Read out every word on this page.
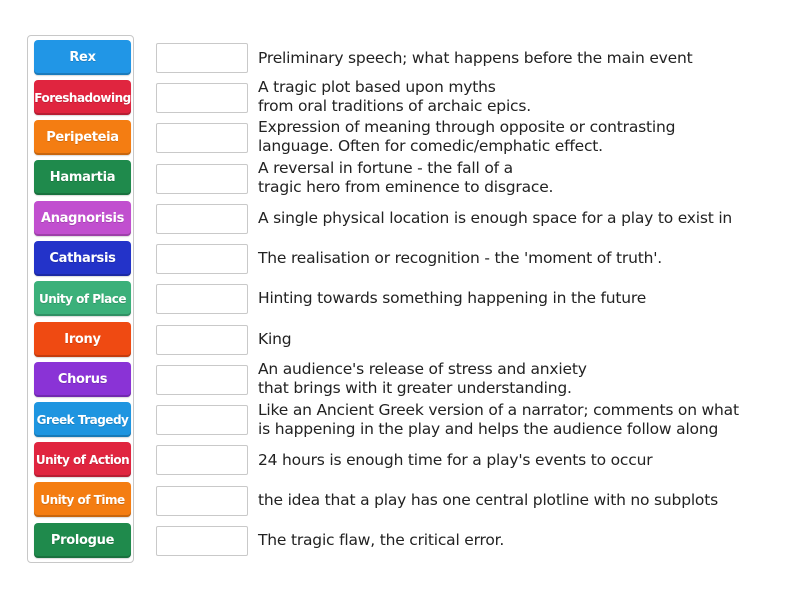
Rex
Foreshadowing
Peripeteia
Hamartia
Anagnorisis
Catharsis
Unity of Place
Irony
Chorus
Greek Tragedy
Unity of Action
Unity of Time
Prologue
Preliminary speech; what happens before the main event
A tragic plot based upon myths
from oral traditions of archaic epics.
Expression of meaning through opposite or contrasting
language. Often for comedic/emphatic effect.
A reversal in fortune - the fall of a
tragic hero from eminence to disgrace.
A single physical location is enough space for a play to exist in
The realisation or recognition - the 'moment of truth'.
Hinting towards something happening in the future
King
An audience's release of stress and anxiety
that brings with it greater understanding.
Like an Ancient Greek version of a narrator; comments on what
is happening in the play and helps the audience follow along
24 hours is enough time for a play's events to occur
the idea that a play has one central plotline with no subplots
The tragic flaw, the critical error.
